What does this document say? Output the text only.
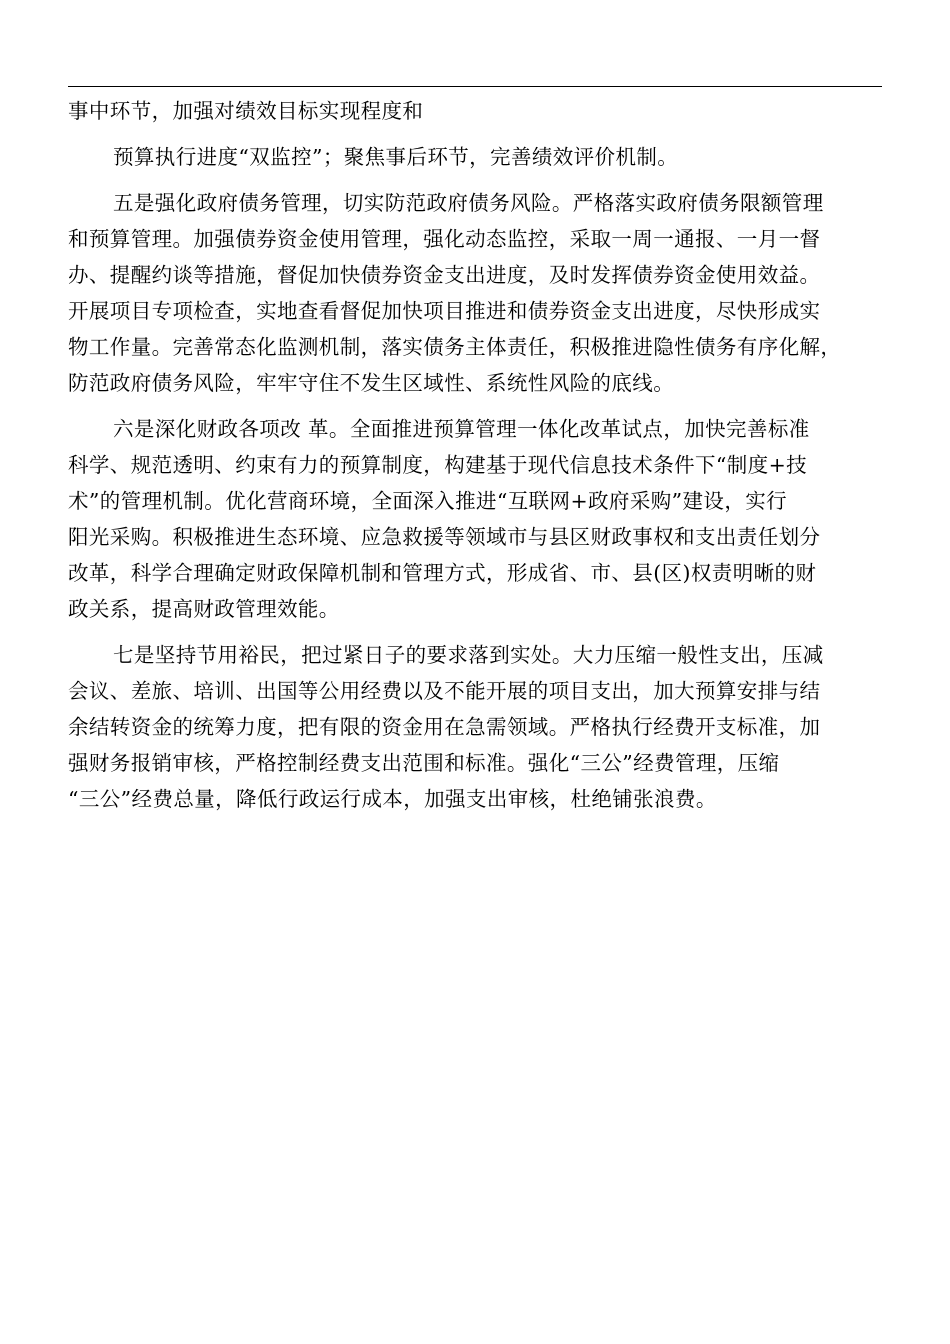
事中环节，加强对绩效目标实现程度和

预算执行进度“双监控”；聚焦事后环节，完善绩效评价机制。

五是强化政府债务管理，切实防范政府债务风险。严格落实政府债务限额管理
和预算管理。加强债券资金使用管理，强化动态监控，采取一周一通报、一月一督
办、提醒约谈等措施，督促加快债券资金支出进度，及时发挥债券资金使用效益。
开展项目专项检查，实地查看督促加快项目推进和债券资金支出进度，尽快形成实
物工作量。完善常态化监测机制，落实债务主体责任，积极推进隐性债务有序化解，
防范政府债务风险，牢牢守住不发生区域性、系统性风险的底线。

六是深化财政各项改 革。全面推进预算管理一体化改革试点，加快完善标准
科学、规范透明、约束有力的预算制度，构建基于现代信息技术条件下“制度+技
术”的管理机制。优化营商环境，全面深入推进“互联网+政府采购”建设，实行
阳光采购。积极推进生态环境、应急救援等领域市与县区财政事权和支出责任划分
改革，科学合理确定财政保障机制和管理方式，形成省、市、县(区)权责明晰的财
政关系，提高财政管理效能。

七是坚持节用裕民，把过紧日子的要求落到实处。大力压缩一般性支出，压减
会议、差旅、培训、出国等公用经费以及不能开展的项目支出，加大预算安排与结
余结转资金的统筹力度，把有限的资金用在急需领域。严格执行经费开支标准，加
强财务报销审核，严格控制经费支出范围和标准。强化“三公”经费管理，压缩
“三公”经费总量，降低行政运行成本，加强支出审核，杜绝铺张浪费。
